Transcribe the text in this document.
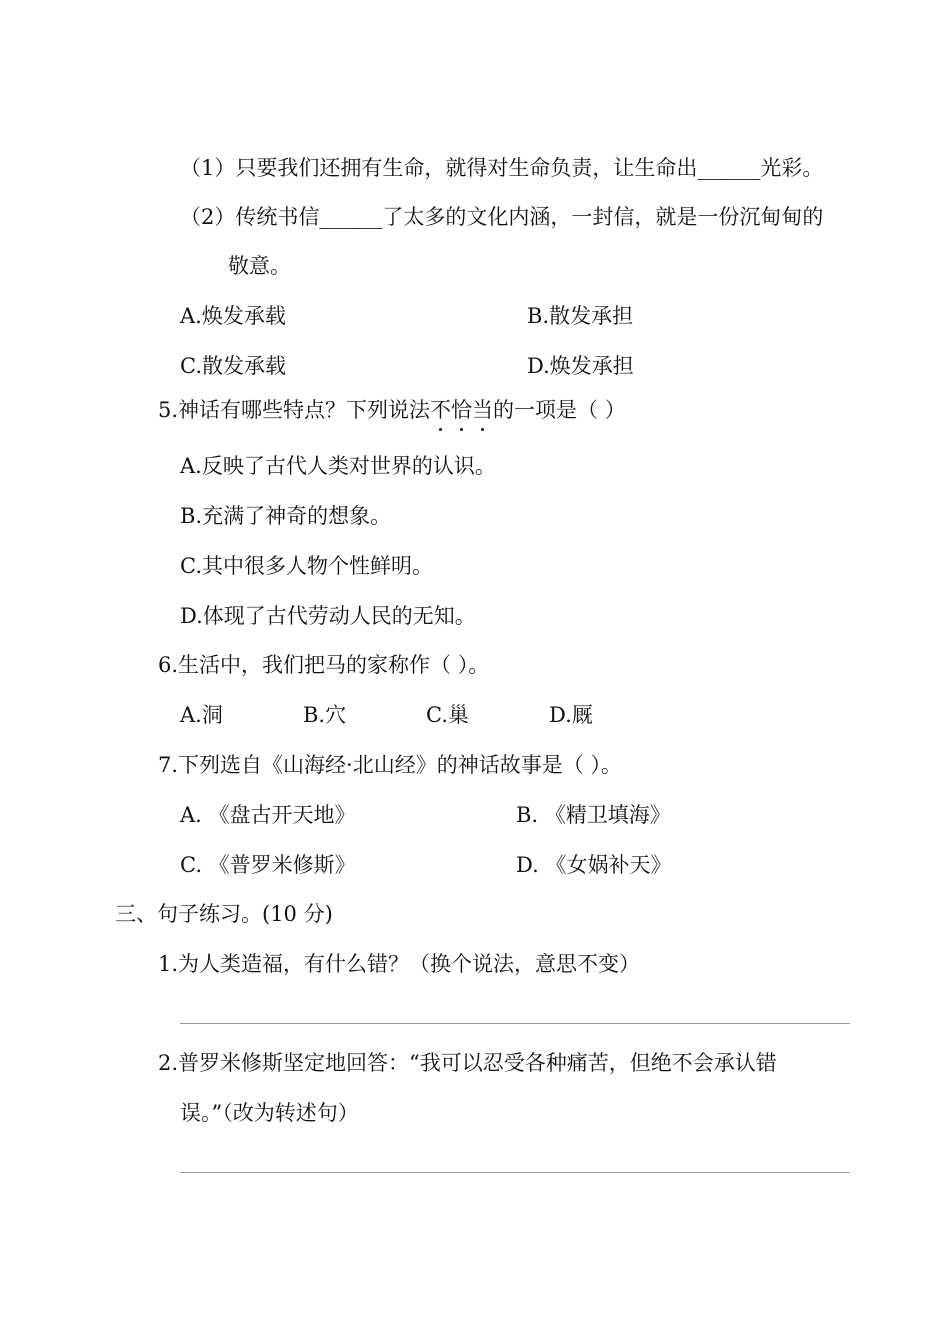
（1）只要我们还拥有生命，就得对生命负责，让生命出______光彩。
（2）传统书信______了太多的文化内涵，一封信，就是一份沉甸甸的
敬意。
A.焕发承载	B.散发承担
C.散发承载	D.焕发承担
5.神话有哪些特点？下列说法不
恰
当
的一项是（ ）
A.反映了古代人类对世界的认识。
B.充满了神奇的想象。
C.其中很多人物个性鲜明。
D.体现了古代劳动人民的无知。
6.生活中，我们把马的家称作（ ）。
A.洞	B.穴	C.巢	D.厩
7.下列选自《山海经·北山经》的神话故事是（ ）。
A. 《盘古开天地》	B. 《精卫填海》
C. 《普罗米修斯》	D. 《女娲补天》
三、句子练习。(10 分)
1.为人类造福，有什么错？（换个说法，意思不变）
2.普罗米修斯坚定地回答：“我可以忍受各种痛苦，但绝不会承认错
误。”（改为转述句）
